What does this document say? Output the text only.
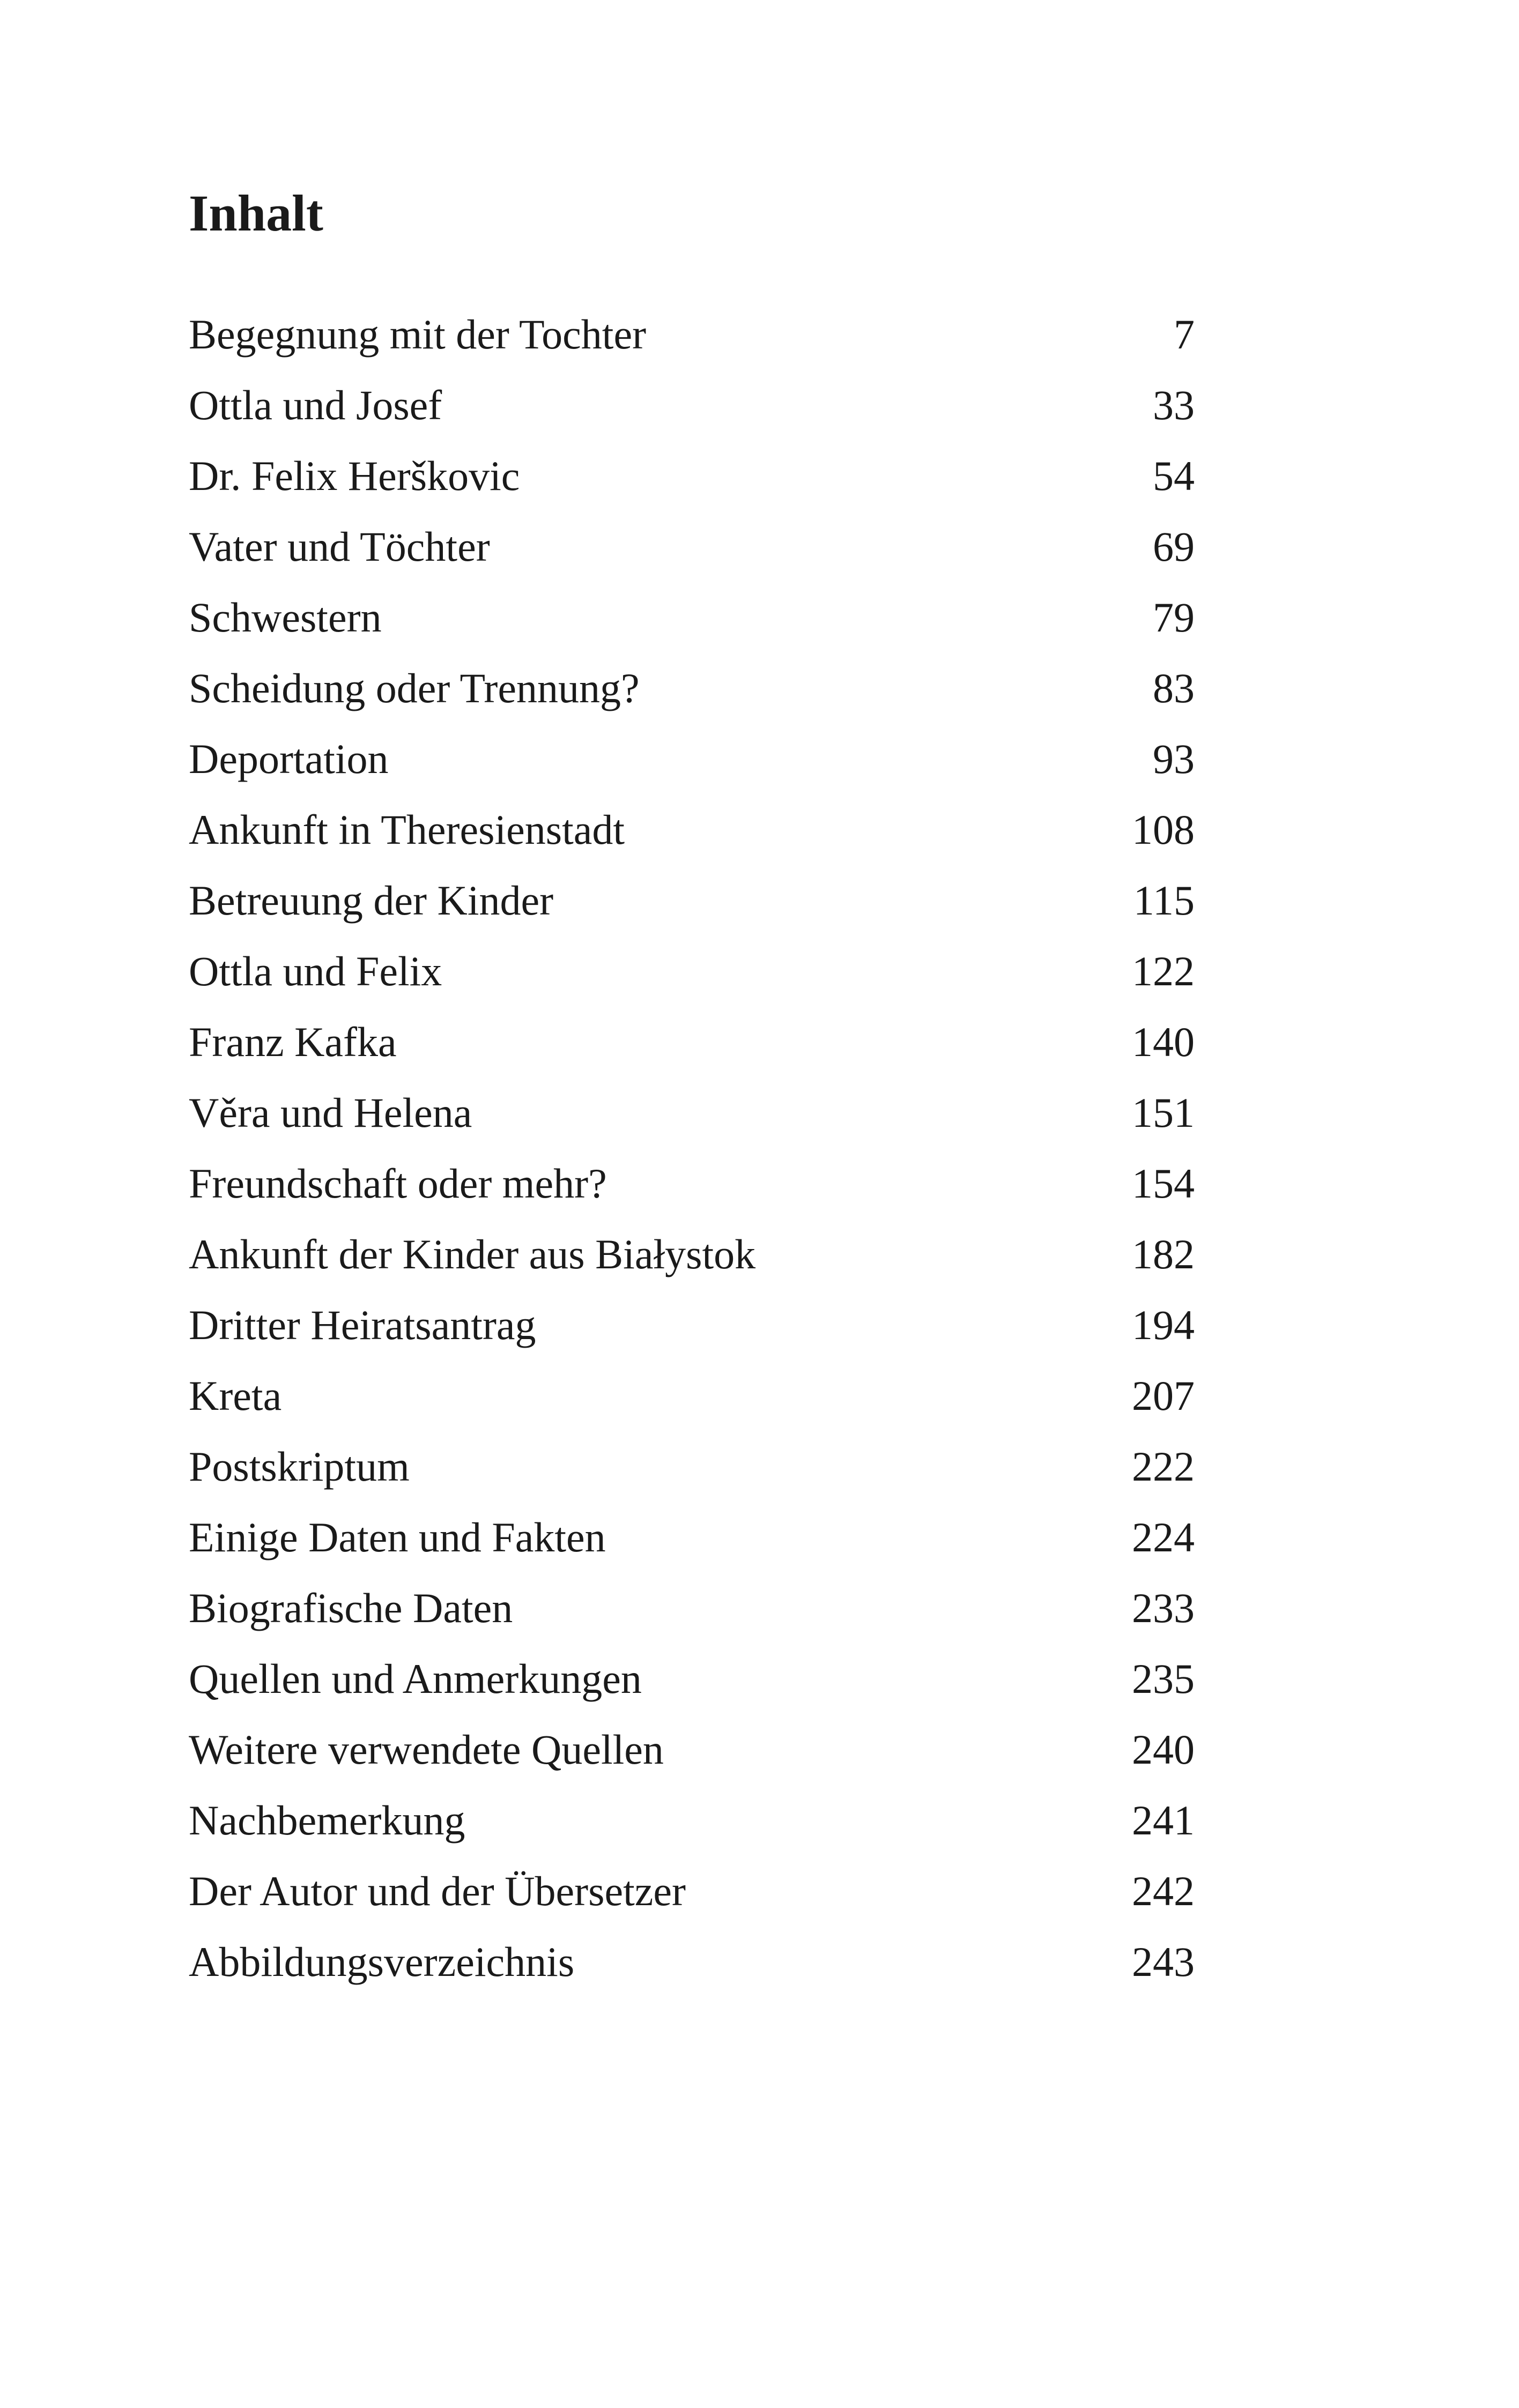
Inhalt
Begegnung mit der Tochter	7
Ottla und Josef	33
Dr. Felix Herškovic	54
Vater und Töchter	69
Schwestern	79
Scheidung oder Trennung?	83
Deportation	93
Ankunft in Theresienstadt	108
Betreuung der Kinder	115
Ottla und Felix	122
Franz Kafka	140
Věra und Helena	151
Freundschaft oder mehr?	154
Ankunft der Kinder aus Białystok	182
Dritter Heiratsantrag	194
Kreta	207
Postskriptum	222
Einige Daten und Fakten	224
Biografische Daten	233
Quellen und Anmerkungen	235
Weitere verwendete Quellen	240
Nachbemerkung	241
Der Autor und der Übersetzer	242
Abbildungsverzeichnis	243
